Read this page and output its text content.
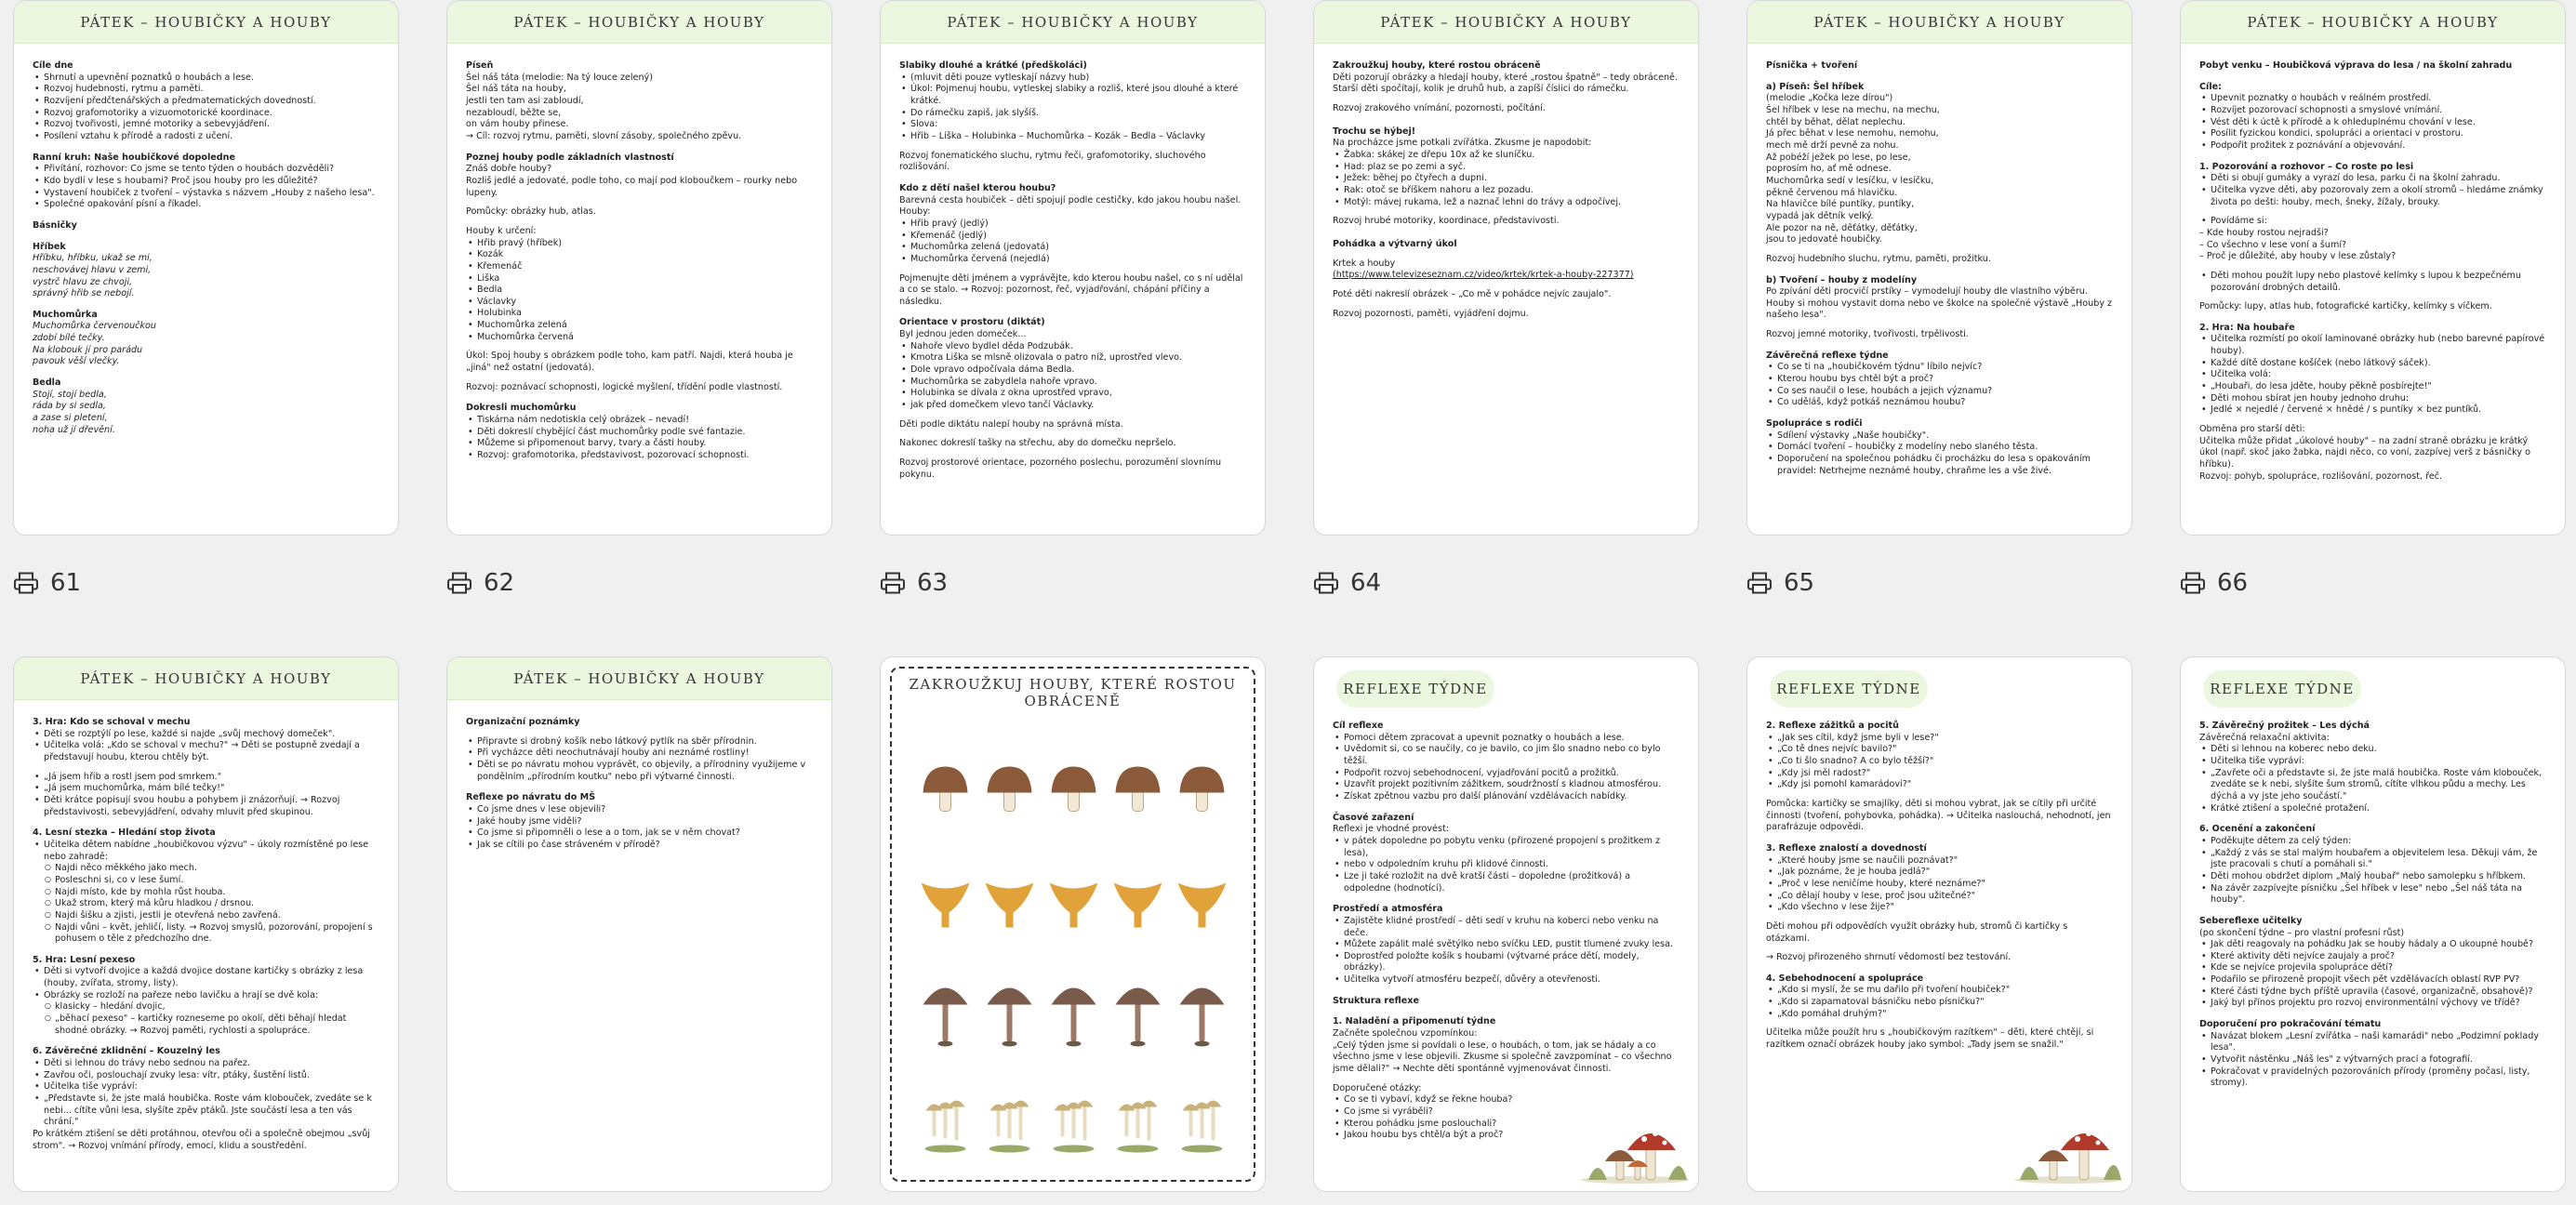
PÁTEK – HOUBIČKY A HOUBY

Cíle dne

• Shrnutí a upevnění poznatků o houbách a lese.
• Rozvoj hudebnosti, rytmu a paměti.
• Rozvíjení předčtenářských a předmatematických dovedností.
• Rozvoj grafomotoriky a vizuomotorické koordinace.
• Rozvoj tvořivosti, jemné motoriky a sebevyjádření.
• Posílení vztahu k přírodě a radosti z učení.

Ranní kruh: Naše houbičkové dopoledne

• Přivítání, rozhovor: Co jsme se tento týden o houbách dozvěděli?
• Kdo bydlí v lese s houbami? Proč jsou houby pro les důležité?
• Vystavení houbiček z tvoření – výstavka s názvem „Houby z našeho lesa".
• Společné opakování písní a říkadel.

Básničky

Hříbek

Hříbku, hříbku, ukaž se mi,

neschovávej hlavu v zemi,

vystrč hlavu ze chvoji,

správný hřib se nebojí.

Muchomůrka

Muchomůrka červenoučkou

zdobí bílé tečky.

Na klobouk jí pro parádu

pavouk věší vlečky.

Bedla

Stojí, stojí bedla,

ráda by si sedla,

a zase si pletení,

noha už jí dřevění.

PÁTEK – HOUBIČKY A HOUBY

Píseň

Šel náš táta (melodie: Na tý louce zelený)

Šel náš táta na houby,

jestli ten tam asi zabloudí,

nezabloudí, běžte se,

on vám houby přinese.

→ Cíl: rozvoj rytmu, paměti, slovní zásoby, společného zpěvu.

Poznej houby podle základních vlastností

Znáš dobře houby?

Rozliš jedlé a jedovaté, podle toho, co mají pod kloboučkem – rourky nebo lupeny.

Pomůcky: obrázky hub, atlas.

Houby k určení:

• Hřib pravý (hříbek)
• Kozák
• Křemenáč
• Liška
• Bedla
• Václavky
• Holubinka
• Muchomůrka zelená
• Muchomůrka červená

Úkol: Spoj houby s obrázkem podle toho, kam patří. Najdi, která houba je „jiná" než ostatní (jedovatá).

Rozvoj: poznávací schopnosti, logické myšlení, třídění podle vlastností.

Dokresli muchomůrku

• Tiskárna nám nedotiskla celý obrázek – nevadí!
• Děti dokreslí chybějící část muchomůrky podle své fantazie.
• Můžeme si připomenout barvy, tvary a části houby.
• Rozvoj: grafomotorika, představivost, pozorovací schopnosti.
PÁTEK – HOUBIČKY A HOUBY

Slabiky dlouhé a krátké (předškoláci)

• (mluvit děti pouze vytleskají názvy hub)
• Úkol: Pojmenuj houbu, vytleskej slabiky a rozliš, které jsou dlouhé a které krátké.
• Do rámečku zapiš, jak slyšíš.
• Slova:
• Hřib – Liška – Holubinka – Muchomůrka – Kozák – Bedla – Václavky

Rozvoj fonematického sluchu, rytmu řeči, grafomotoriky, sluchového rozlišování.

Kdo z dětí našel kterou houbu?

Barevná cesta houbiček – děti spojují podle cestičky, kdo jakou houbu našel.

Houby:

• Hřib pravý (jedlý)
• Křemenáč (jedlý)
• Muchomůrka zelená (jedovatá)
• Muchomůrka červená (nejedlá)

Pojmenujte děti jménem a vyprávějte, kdo kterou houbu našel, co s ní udělal a co se stalo. → Rozvoj: pozornost, řeč, vyjadřování, chápání příčiny a následku.

Orientace v prostoru (diktát)

Byl jednou jeden domeček...

• Nahoře vlevo bydlel děda Podzubák.
• Kmotra Liška se mlsně olizovala o patro níž, uprostřed vlevo.
• Dole vpravo odpočívala dáma Bedla.
• Muchomůrka se zabydlela nahoře vpravo.
• Holubinka se dívala z okna uprostřed vpravo,
• jak před domečkem vlevo tančí Václavky.

Děti podle diktátu nalepí houby na správná místa.

Nakonec dokreslí tašky na střechu, aby do domečku nepršelo.

Rozvoj prostorové orientace, pozorného poslechu, porozumění slovnímu pokynu.

PÁTEK – HOUBIČKY A HOUBY

Zakroužkuj houby, které rostou obráceně

Děti pozorují obrázky a hledají houby, které „rostou špatně" – tedy obráceně. Starší děti spočítají, kolik je druhů hub, a zapíší číslici do rámečku.

Rozvoj zrakového vnímání, pozornosti, počítání.

Trochu se hýbej!

Na procházce jsme potkali zvířátka. Zkusme je napodobit:

• Žabka: skákej ze dřepu 10x až ke sluníčku.
• Had: plaz se po zemi a syč.
• Ježek: běhej po čtyřech a dupni.
• Rak: otoč se bříškem nahoru a lez pozadu.
• Motýl: mávej rukama, lež a naznač lehni do trávy a odpočívej.

Rozvoj hrubé motoriky, koordinace, představivosti.

Pohádka a výtvarný úkol

Krtek a houby

(https://www.televizeseznam.cz/video/krtek/krtek-a-houby-227377)

Poté děti nakreslí obrázek – „Co mě v pohádce nejvíc zaujalo".

Rozvoj pozornosti, paměti, vyjádření dojmu.

PÁTEK – HOUBIČKY A HOUBY

Písnička + tvoření

a) Píseň: Šel hříbek

(melodie „Kočka leze dírou")

Šel hříbek v lese na mechu, na mechu,

chtěl by běhat, dělat neplechu.

Já přec běhat v lese nemohu, nemohu,

mech mě drží pevně za nohu.

Až pobéží ježek po lese, po lese,

poprosím ho, ať mě odnese.

Muchomůrka sedí v lesíčku, v lesíčku,

pěkně červenou má hlavičku.

Na hlavičce bílé puntíky, puntíky,

vypadá jak dětník velký.

Ale pozor na ně, děťátky, děťátky,

jsou to jedovaté houbičky.

Rozvoj hudebního sluchu, rytmu, paměti, prožitku.

b) Tvoření – houby z modelíny

Po zpívání děti procvičí prstíky – vymodelují houby dle vlastního výběru. Houby si mohou vystavit doma nebo ve školce na společné výstavě „Houby z našeho lesa".

Rozvoj jemné motoriky, tvořivosti, trpělivosti.

Závěrečná reflexe týdne

• Co se ti na „houbičkovém týdnu" líbilo nejvíc?
• Kterou houbu bys chtěl být a proč?
• Co ses naučil o lese, houbách a jejich významu?
• Co uděláš, když potkáš neznámou houbu?

Spolupráce s rodiči

• Sdílení výstavky „Naše houbičky".
• Domácí tvoření – houbičky z modelíny nebo slaného těsta.
• Doporučení na společnou pohádku či procházku do lesa s opakováním pravidel: Netrhejme neznámé houby, chraňme les a vše živé.
PÁTEK – HOUBIČKY A HOUBY

Pobyt venku – Houbičková výprava do lesa / na školní zahradu

Cíle:

• Upevnit poznatky o houbách v reálném prostředí.
• Rozvíjet pozorovací schopnosti a smyslové vnímání.
• Vést děti k úctě k přírodě a k ohleduplnému chování v lese.
• Posílit fyzickou kondici, spolupráci a orientaci v prostoru.
• Podpořit prožitek z poznávání a objevování.

1. Pozorování a rozhovor – Co roste po lesi

• Děti si obují gumáky a vyrazí do lesa, parku či na školní zahradu.
• Učitelka vyzve děti, aby pozorovaly zem a okolí stromů – hledáme známky života po dešti: houby, mech, šneky, žížaly, brouky.
• Povídáme si:

– Kde houby rostou nejradši?

– Co všechno v lese voní a šumí?

– Proč je důležité, aby houby v lese zůstaly?

• Děti mohou použít lupy nebo plastové kelímky s lupou k bezpečnému pozorování drobných detailů.

Pomůcky: lupy, atlas hub, fotografické kartičky, kelímky s víčkem.

2. Hra: Na houbaře

• Učitelka rozmístí po okolí laminované obrázky hub (nebo barevné papírové houby).
• Každé dítě dostane košíček (nebo látkový sáček).
• Učitelka volá:
• „Houbaři, do lesa jděte, houby pěkně posbírejte!"
• Děti mohou sbírat jen houby jednoho druhu:
• Jedlé × nejedlé / červené × hnědé / s puntíky × bez puntíků.

Obměna pro starší děti:

Učitelka může přidat „úkolové houby" – na zadní straně obrázku je krátký úkol (např. skoč jako žabka, najdi něco, co voní, zazpívej verš z básničky o hříbku).

Rozvoj: pohyb, spolupráce, rozlišování, pozornost, řeč.

61	62	63	64	65	66
PÁTEK – HOUBIČKY A HOUBY

3. Hra: Kdo se schoval v mechu

• Děti se rozptýlí po lese, každé si najde „svůj mechový domeček".
• Učitelka volá: „Kdo se schoval v mechu?" → Děti se postupně zvedají a představují houbu, kterou chtěly být.
• „Já jsem hřib a rostl jsem pod smrkem."
• „Já jsem muchomůrka, mám bílé tečky!"
• Děti krátce popisují svou houbu a pohybem ji znázorňují. → Rozvoj představivosti, sebevyjádření, odvahy mluvit před skupinou.

4. Lesní stezka – Hledání stop života

• Učitelka dětem nabídne „houbičkovou výzvu" – úkoly rozmístěné po lese nebo zahradě:
○ Najdi něco měkkého jako mech.
○ Posleschni si, co v lese šumí.
○ Najdi místo, kde by mohla růst houba.
○ Ukaž strom, který má kůru hladkou / drsnou.
○ Najdi šišku a zjisti, jestli je otevřená nebo zavřená.
○ Najdi vůni – květ, jehličí, listy. → Rozvoj smyslů, pozorování, propojení s pohusem o těle z předchozího dne.

5. Hra: Lesní pexeso

• Děti si vytvoří dvojice a každá dvojice dostane kartičky s obrázky z lesa (houby, zvířata, stromy, listy).
• Obrázky se rozloží na pařeze nebo lavičku a hrají se dvě kola:
○ klasicky – hledání dvojic,
○ „běhací pexeso" – kartičky rozneseme po okolí, děti běhají hledat shodné obrázky. → Rozvoj paměti, rychlosti a spolupráce.

6. Závěrečné zklidnění – Kouzelný les

• Děti si lehnou do trávy nebo sednou na pařez.
• Zavřou oči, poslouchají zvuky lesa: vítr, ptáky, šustění listů.
• Učitelka tiše vypráví:
• „Představte si, že jste malá houbička. Roste vám klobouček, zvedáte se k nebi... cítíte vůni lesa, slyšíte zpěv ptáků. Jste součástí lesa a ten vás chrání."

Po krátkém ztišení se děti protáhnou, otevřou oči a společně obejmou „svůj strom". → Rozvoj vnímání přírody, emocí, klidu a soustředění.

PÁTEK – HOUBIČKY A HOUBY

Organizační poznámky

• Připravte si drobný košík nebo látkový pytlík na sběr přírodnin.
• Při vycházce děti neochutnávají houby ani neznámé rostliny!
• Děti se po návratu mohou vyprávět, co objevily, a přírodniny využijeme v pondělním „přírodním koutku" nebo při výtvarné činnosti.

Reflexe po návratu do MŠ

• Co jsme dnes v lese objevili?
• Jaké houby jsme viděli?
• Co jsme si připomněli o lese a o tom, jak se v něm chovat?
• Jak se cítili po čase stráveném v přírodě?
ZAKROUŽKUJ HOUBY, KTERÉ ROSTOU OBRÁCENĚ
REFLEXE TÝDNE

Cíl reflexe

• Pomoci dětem zpracovat a upevnit poznatky o houbách a lese.
• Uvědomit si, co se naučily, co je bavilo, co jim šlo snadno nebo co bylo těžší.
• Podpořit rozvoj sebehodnocení, vyjadřování pocitů a prožitků.
• Uzavřít projekt pozitivním zážitkem, soudržností s kladnou atmosférou.
• Získat zpětnou vazbu pro další plánování vzdělávacích nabídky.

Časové zařazení

Reflexi je vhodné provést:

• v pátek dopoledne po pobytu venku (přirozené propojení s prožitkem z lesa),
• nebo v odpoledním kruhu při klidové činnosti.
• Lze ji také rozložit na dvě kratší části – dopoledne (prožitková) a odpoledne (hodnotící).

Prostředí a atmosféra

• Zajistěte klidné prostředí – děti sedí v kruhu na koberci nebo venku na deče.
• Můžete zapálit malé světýlko nebo svíčku LED, pustit tlumené zvuky lesa.
• Doprostřed položte košík s houbami (výtvarné práce dětí, modely, obrázky).
• Učitelka vytvoří atmosféru bezpečí, důvěry a otevřenosti.

Struktura reflexe

1. Naladění a připomenutí týdne

Začněte společnou vzpomínkou:

„Celý týden jsme si povídali o lese, o houbách, o tom, jak se hádaly a co všechno jsme v lese objevili. Zkusme si společně zavzpomínat – co všechno jsme dělali?" → Nechte děti spontánně vyjmenovávat činnosti.

Doporučené otázky:

• Co se ti vybaví, když se řekne houba?
• Co jsme si vyráběli?
• Kterou pohádku jsme poslouchali?
• Jakou houbu bys chtěl/a být a proč?
REFLEXE TÝDNE

2. Reflexe zážitků a pocitů

• „Jak ses cítil, když jsme byli v lese?"
• „Co tě dnes nejvíc bavilo?"
• „Co ti šlo snadno? A co bylo těžší?"
• „Kdy jsi měl radost?"
• „Kdy jsi pomohl kamarádovi?"

Pomůcka: kartičky se smajlíky, děti si mohou vybrat, jak se cítily při určité činnosti (tvoření, pohybovka, pohádka). → Učitelka naslouchá, nehodnotí, jen parafrázuje odpovědi.

3. Reflexe znalostí a dovedností

• „Které houby jsme se naučili poznávat?"
• „Jak poznáme, že je houba jedlá?"
• „Proč v lese neničíme houby, které neznáme?"
• „Co dělají houby v lese, proč jsou užitečné?"
• „Kdo všechno v lese žije?"

Děti mohou při odpovědích využít obrázky hub, stromů či kartičky s otázkami.

→ Rozvoj přirozeného shrnutí vědomostí bez testování.

4. Sebehodnocení a spolupráce

• „Kdo si myslí, že se mu dařilo při tvoření houbiček?"
• „Kdo si zapamatoval básničku nebo písničku?"
• „Kdo pomáhal druhým?"

Učitelka může použít hru s „houbičkovým razítkem" – děti, které chtějí, si razítkem označí obrázek houby jako symbol: „Tady jsem se snažil."

REFLEXE TÝDNE

5. Závěrečný prožitek – Les dýchá

Závěrečná relaxační aktivita:

• Děti si lehnou na koberec nebo deku.
• Učitelka tiše vypráví:
• „Zavřete oči a představte si, že jste malá houbička. Roste vám klobouček, zvedáte se k nebi, slyšíte šum stromů, cítíte vlhkou půdu a mechy. Les dýchá a vy jste jeho součástí."
• Krátké ztišení a společné protažení.

6. Ocenění a zakončení

• Poděkujte dětem za celý týden:
• „Každý z vás se stal malým houbařem a objevitelem lesa. Děkuji vám, že jste pracovali s chutí a pomáhali si."
• Děti mohou obdržet diplom „Malý houbař" nebo samolepku s hříbkem.
• Na závěr zazpívejte písničku „Šel hříbek v lese" nebo „Šel náš táta na houby".

Sebereflexe učitelky

(po skončení týdne – pro vlastní profesní růst)

• Jak děti reagovaly na pohádku Jak se houby hádaly a O ukoupné houbě?
• Které aktivity děti nejvíce zaujaly a proč?
• Kde se nejvíce projevila spolupráce dětí?
• Podařilo se přirozeně propojit všech pět vzdělávacích oblastí RVP PV?
• Které části týdne bych příště upravila (časové, organizačně, obsahově)?
• Jaký byl přínos projektu pro rozvoj environmentální výchovy ve třídě?

Doporučení pro pokračování tématu

• Navázat blokem „Lesní zvířátka – naši kamarádi" nebo „Podzimní poklady lesa".
• Vytvořit nástěnku „Náš les" z výtvarných prací a fotografií.
• Pokračovat v pravidelných pozorováních přírody (proměny počasí, listy, stromy).
